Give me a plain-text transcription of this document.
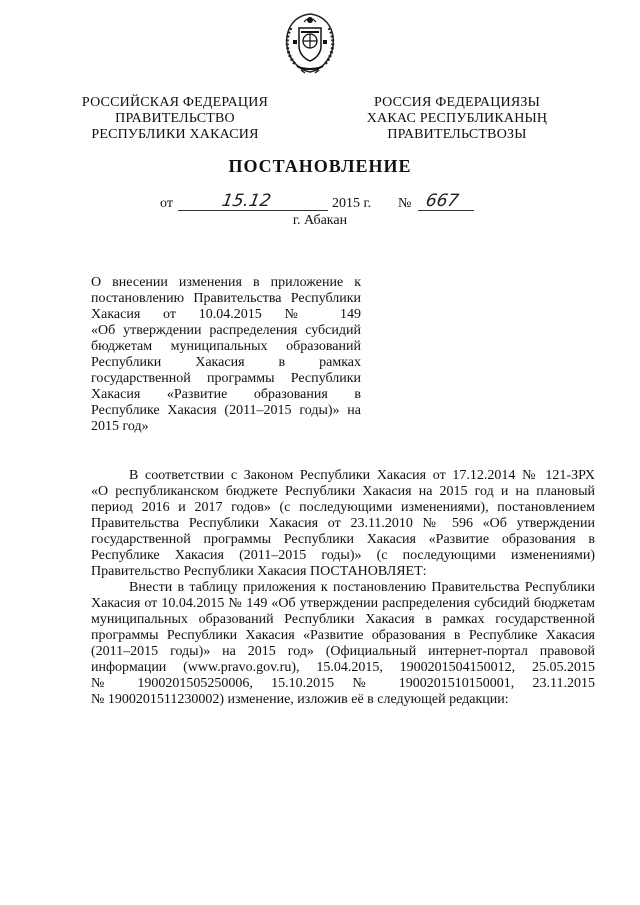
РОССИЙСКАЯ ФЕДЕРАЦИЯ
ПРАВИТЕЛЬСТВО
РЕСПУБЛИКИ ХАКАСИЯ
РОССИЯ ФЕДЕРАЦИЯЗЫ
ХАКАС РЕСПУБЛИКАНЫҢ
ПРАВИТЕЛЬСТВОЗЫ
ПОСТАНОВЛЕНИЕ
от	15.12	2015 г. № 667
г. Абакан
О внесении изменения в приложение к
постановлению Правительства Республики
Хакасия от 10.04.2015 № 149
«Об утверждении распределения субсидий
бюджетам муниципальных образований
Республики Хакасия в рамках
государственной программы Республики
Хакасия «Развитие образования в
Республике Хакасия (2011–2015 годы)» на
2015 год»
В соответствии с Законом Республики Хакасия от 17.12.2014 № 121-ЗРХ
«О республиканском бюджете Республики Хакасия на 2015 год и на плановый
период 2016 и 2017 годов» (с последующими изменениями), постановлением
Правительства Республики Хакасия от 23.11.2010 № 596 «Об утверждении
государственной программы Республики Хакасия «Развитие образования в
Республике Хакасия (2011–2015 годы)» (с последующими изменениями)
Правительство Республики Хакасия ПОСТАНОВЛЯЕТ:
Внести в таблицу приложения к постановлению Правительства Республики
Хакасия от 10.04.2015 № 149 «Об утверждении распределения субсидий бюджетам
муниципальных образований Республики Хакасия в рамках государственной
программы Республики Хакасия «Развитие образования в Республике Хакасия
(2011–2015 годы)» на 2015 год» (Официальный интернет-портал правовой
информации (www.pravo.gov.ru), 15.04.2015, 1900201504150012, 25.05.2015
№ 1900201505250006, 15.10.2015 № 1900201510150001, 23.11.2015
№ 1900201511230002) изменение, изложив её в следующей редакции:
